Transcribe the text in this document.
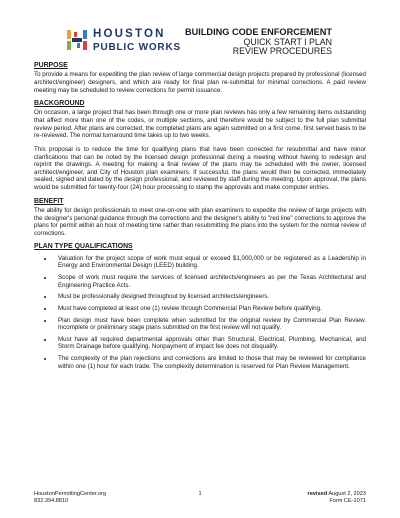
HOUSTON
PUBLIC WORKS
BUILDING CODE ENFORCEMENT
QUICK START I PLAN
REVIEW PROCEDURES
PURPOSE

To provide a means for expediting the plan review of large commercial design projects prepared by professional (licensed architect/engineer) designers, and which are ready for final plan re-submittal for minimal corrections. A paid review meeting may be scheduled to review corrections for permit issuance.

BACKGROUND

On occasion, a large project that has been through one or more plan reviews has only a few remaining items outstanding that affect more than one of the codes, or multiple sections, and therefore would be subject to the full plan submittal review period. After plans are corrected, the completed plans are again submitted on a first come, first served basis to be re-reviewed. The normal turnaround time takes up to two weeks.

This proposal is to reduce the time for qualifying plans that have been corrected for resubmittal and have minor clarifications that can be noted by the licensed design professional during a meeting without having to redesign and reprint the drawings. A meeting for making a final review of the plans may be scheduled with the owner, licensed architect/engineer, and City of Houston plan examiners. If successful, the plans would then be corrected, immediately sealed, signed and dated by the design professional, and reviewed by staff during the meeting. Upon approval, the plans would be submitted for twenty-four (24) hour processing to stamp the approvals and make computer entries.

BENEFIT

The ability for design professionals to meet one-on-one with plan examiners to expedite the review of large projects with the designer's personal guidance through the corrections and the designer's ability to "red line" corrections to approve the plans for permit within an hour of meeting time rather than resubmitting the plans into the system for the normal review of corrections.

PLAN TYPE QUALIFICATIONS
• Valuation for the project scope of work must equal or exceed $1,000,000 or be registered as a Leadership in Energy and Environmental Design (LEED) building.
• Scope of work must require the services of licensed architects/engineers as per the Texas Architectural and Engineering Practice Acts.
• Must be professionally designed throughout by licensed architects/engineers.
• Must have completed at least one (1) review through Commercial Plan Review before qualifying.
• Plan design must have been complete when submitted for the original review by Commercial Plan Review. Incomplete or preliminary stage plans submitted on the first review will not qualify.
• Must have all required departmental approvals other than Structural, Electrical, Plumbing, Mechanical, and Storm Drainage before qualifying. Nonpayment of impact fee does not disqualify.
• The complexity of the plan rejections and corrections are limited to those that may be reviewed for compliance within one (1) hour for each trade. The complexity determination is reserved for Plan Review Management.
HoustonPermittingCenter.org
832.394.8810
1	revised August 2, 2023
Form CE-1071
